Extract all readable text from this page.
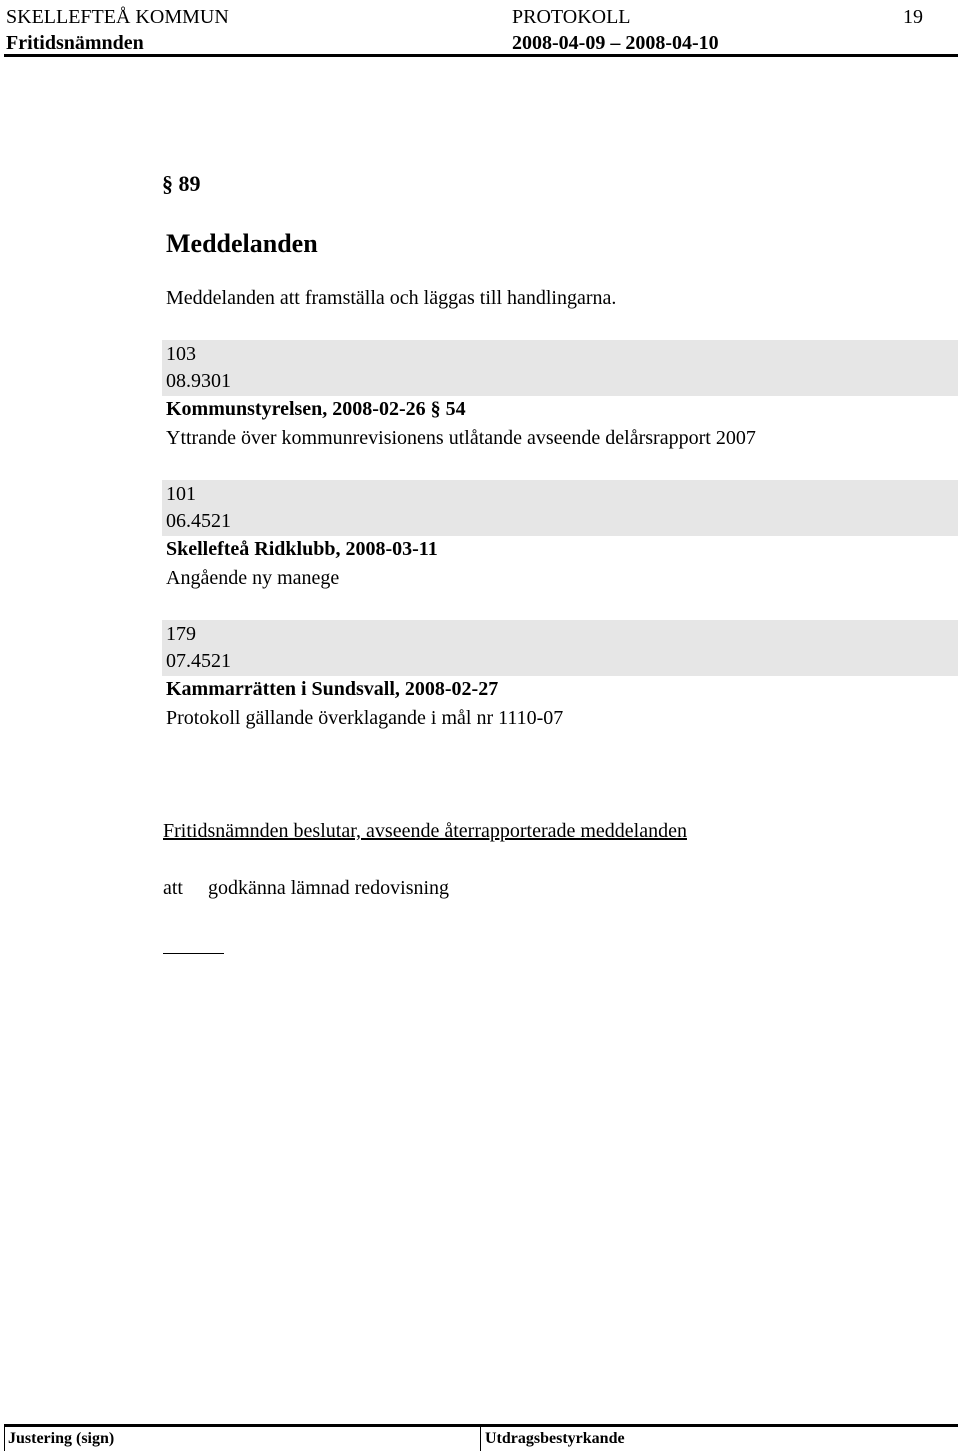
SKELLEFTEÅ KOMMUN	PROTOKOLL	19
Fritidsnämnden	2008-04-09 – 2008-04-10
§ 89
Meddelanden
Meddelanden att framställa och läggas till handlingarna.
103
08.9301
Kommunstyrelsen, 2008-02-26 § 54
Yttrande över kommunrevisionens utlåtande avseende delårsrapport 2007
101
06.4521
Skellefteå Ridklubb, 2008-03-11
Angående ny manege
179
07.4521
Kammarrätten i Sundsvall, 2008-02-27
Protokoll gällande överklagande i mål nr 1110-07
Fritidsnämnden beslutar, avseende återrapporterade meddelanden
att godkänna lämnad redovisning
Justering (sign)	Utdragsbestyrkande
